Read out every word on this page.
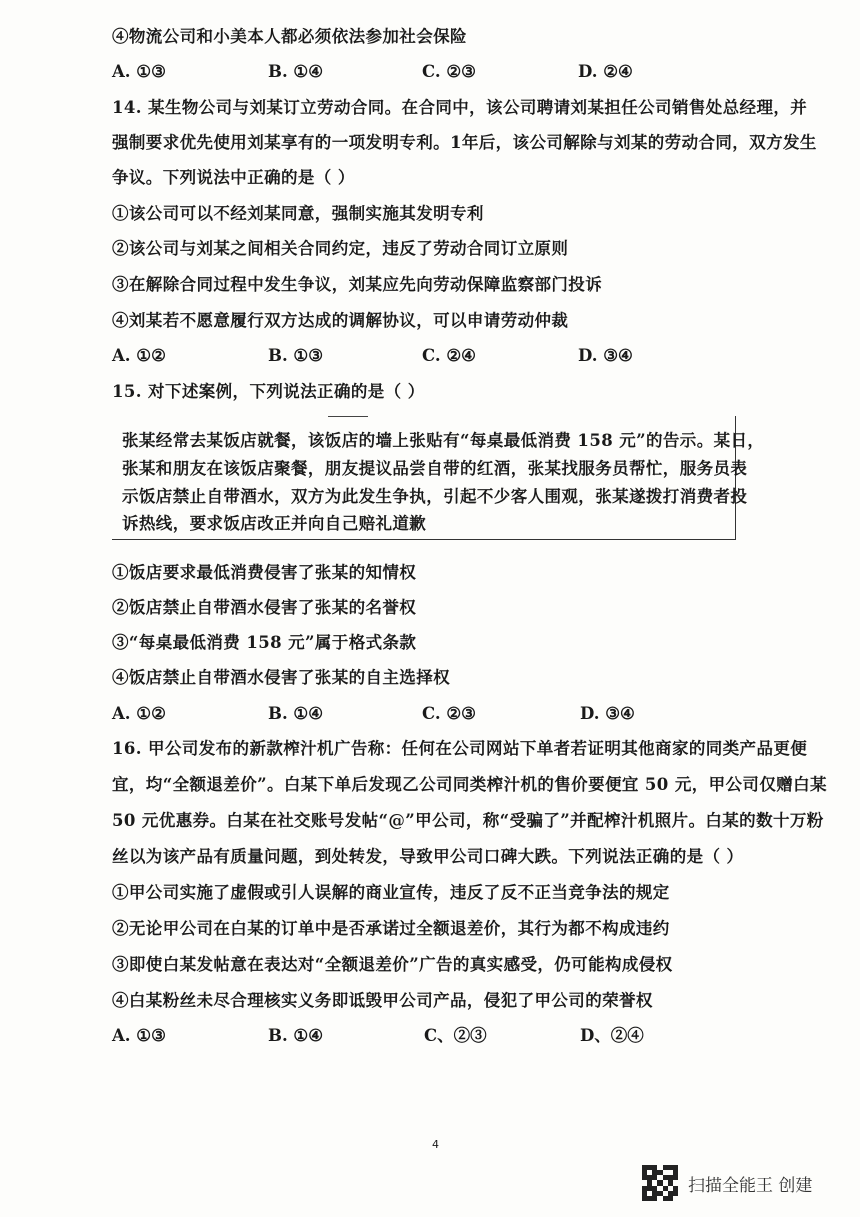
④物流公司和小美本人都必须依法参加社会保险
A. ①③	B. ①④	C. ②③	D. ②④
14. 某生物公司与刘某订立劳动合同。在合同中，该公司聘请刘某担任公司销售处总经理，并
强制要求优先使用刘某享有的一项发明专利。1年后，该公司解除与刘某的劳动合同，双方发生
争议。下列说法中正确的是（ ）
①该公司可以不经刘某同意，强制实施其发明专利
②该公司与刘某之间相关合同约定，违反了劳动合同订立原则
③在解除合同过程中发生争议，刘某应先向劳动保障监察部门投诉
④刘某若不愿意履行双方达成的调解协议，可以申请劳动仲裁
A. ①②	B. ①③	C. ②④	D. ③④
15. 对下述案例，下列说法正确的是（ ）
张某经常去某饭店就餐，该饭店的墙上张贴有“每桌最低消费 158 元”的告示。某日，
张某和朋友在该饭店聚餐，朋友提议品尝自带的红酒，张某找服务员帮忙，服务员表
示饭店禁止自带酒水，双方为此发生争执，引起不少客人围观，张某遂拨打消费者投
诉热线，要求饭店改正并向自己赔礼道歉
①饭店要求最低消费侵害了张某的知情权
②饭店禁止自带酒水侵害了张某的名誉权
③“每桌最低消费 158 元”属于格式条款
④饭店禁止自带酒水侵害了张某的自主选择权
A. ①②	B. ①④	C. ②③	D. ③④
16. 甲公司发布的新款榨汁机广告称：任何在公司网站下单者若证明其他商家的同类产品更便
宜，均“全额退差价”。白某下单后发现乙公司同类榨汁机的售价要便宜 50 元，甲公司仅赠白某
50 元优惠券。白某在社交账号发帖“@”甲公司，称“受骗了”并配榨汁机照片。白某的数十万粉
丝以为该产品有质量问题，到处转发，导致甲公司口碑大跌。下列说法正确的是（ ）
①甲公司实施了虚假或引人误解的商业宣传，违反了反不正当竞争法的规定
②无论甲公司在白某的订单中是否承诺过全额退差价，其行为都不构成违约
③即使白某发帖意在表达对“全额退差价”广告的真实感受，仍可能构成侵权
④白某粉丝未尽合理核实义务即诋毁甲公司产品，侵犯了甲公司的荣誉权
A. ①③	B. ①④	C、②③	D、②④
4
扫描全能王 创建
